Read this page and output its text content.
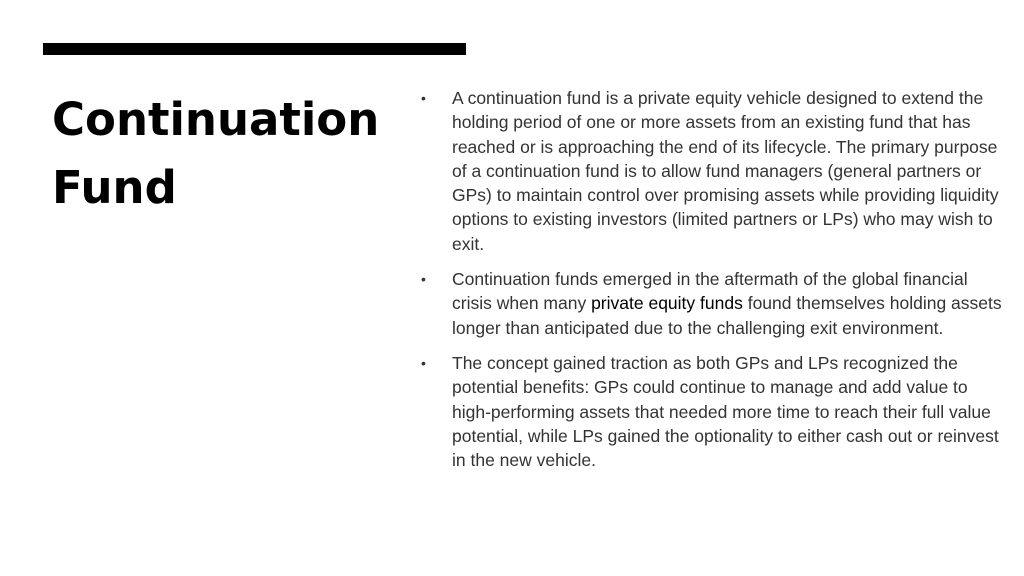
Continuation
Fund
• A continuation fund is a private equity vehicle designed to extend the holding period of one or more assets from an existing fund that has reached or is approaching the end of its lifecycle. The primary purpose of a continuation fund is to allow fund managers (general partners or GPs) to maintain control over promising assets while providing liquidity options to existing investors (limited partners or LPs) who may wish to exit.
• Continuation funds emerged in the aftermath of the global financial crisis when many private equity funds found themselves holding assets longer than anticipated due to the challenging exit environment.
• The concept gained traction as both GPs and LPs recognized the potential benefits: GPs could continue to manage and add value to high-performing assets that needed more time to reach their full value potential, while LPs gained the optionality to either cash out or reinvest in the new vehicle.
